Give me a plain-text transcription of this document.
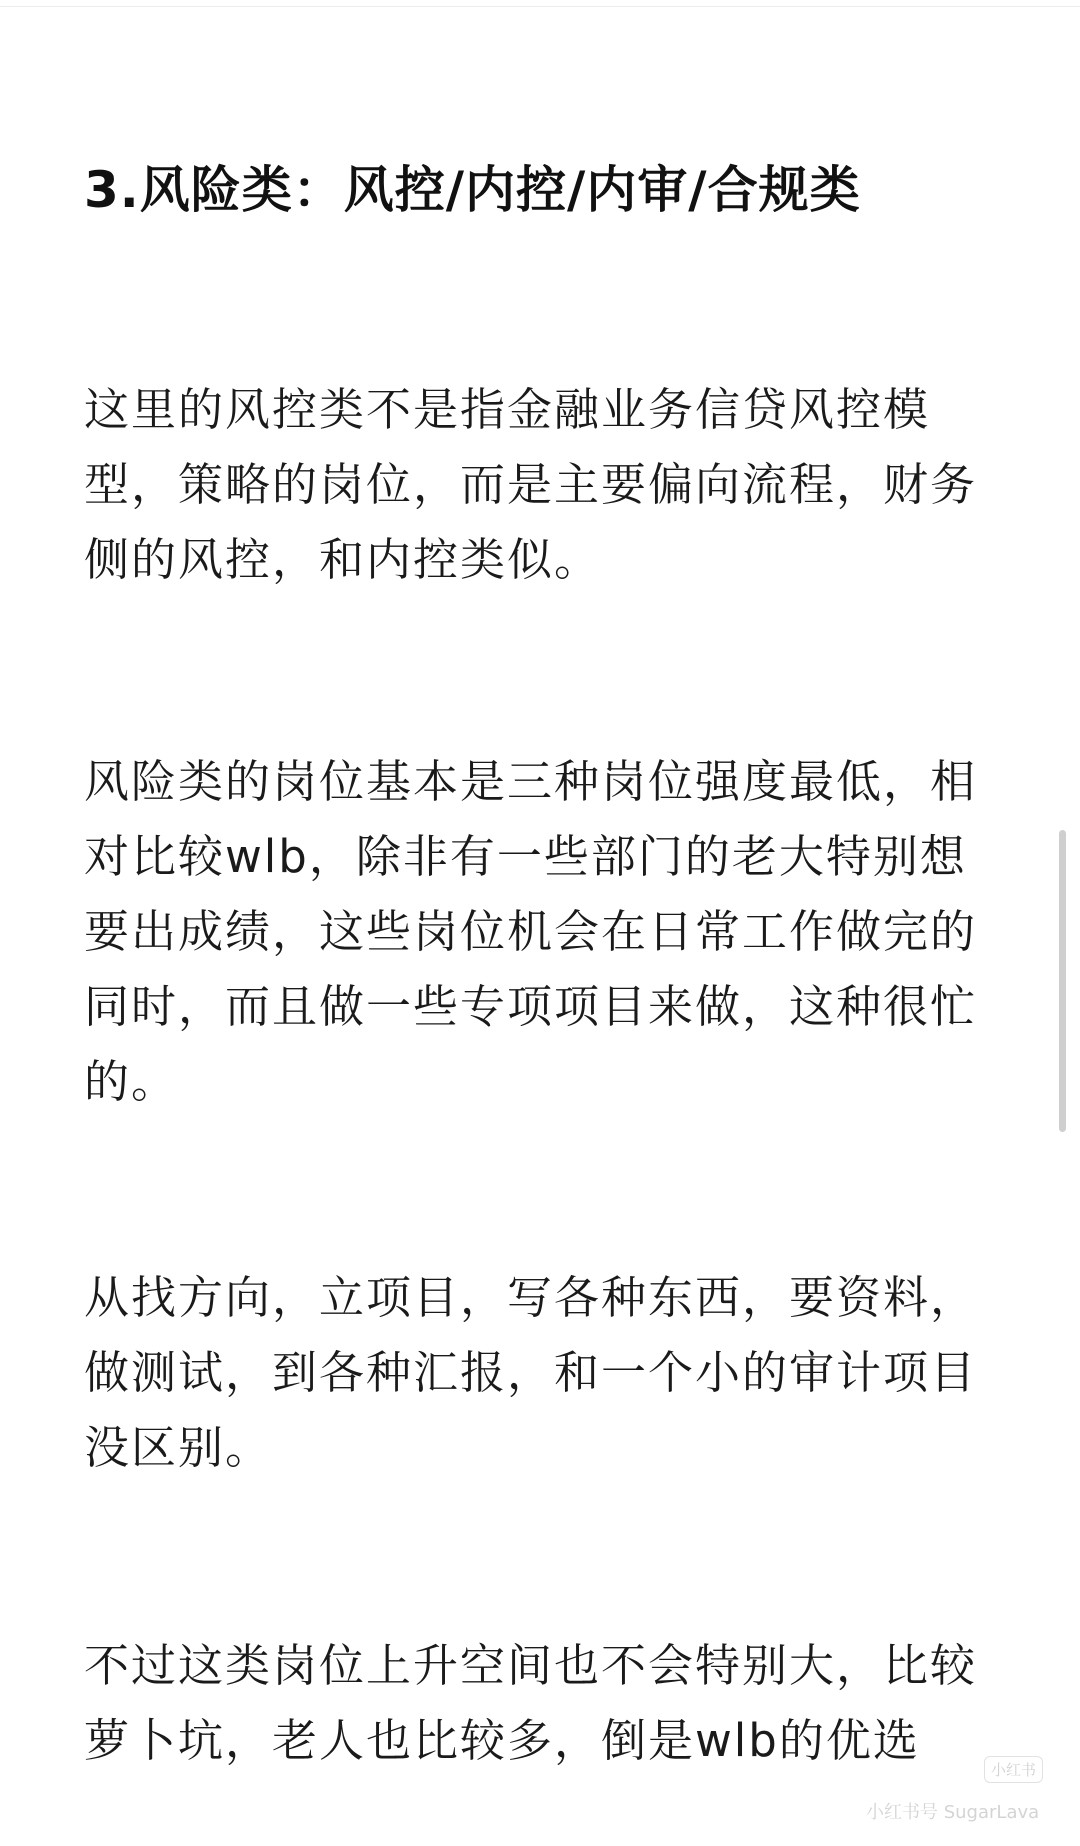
3.风险类：风控/内控/内审/合规类
这里的风控类不是指金融业务信贷风控模
型，策略的岗位，而是主要偏向流程，财务
侧的风控，和内控类似。
风险类的岗位基本是三种岗位强度最低，相
对比较wlb，除非有一些部门的老大特别想
要出成绩，这些岗位机会在日常工作做完的
同时，而且做一些专项项目来做，这种很忙
的。
从找方向，立项目，写各种东西，要资料，
做测试，到各种汇报，和一个小的审计项目
没区别。
不过这类岗位上升空间也不会特别大，比较
萝卜坑，老人也比较多，倒是wlb的优选
小红书
小红书号 SugarLava
